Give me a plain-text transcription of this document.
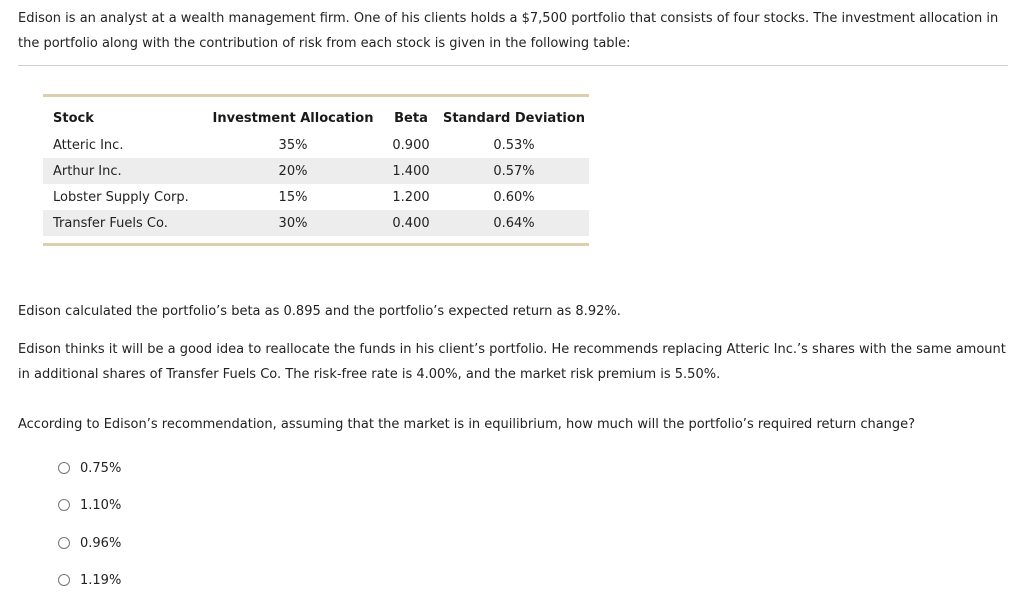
Edison is an analyst at a wealth management firm. One of his clients holds a $7,500 portfolio that consists of four stocks. The investment allocation in the portfolio along with the contribution of risk from each stock is given in the following table:

Stock	Investment Allocation	Beta	Standard Deviation
Atteric Inc.	35%	0.900	0.53%
Arthur Inc.	20%	1.400	0.57%
Lobster Supply Corp.	15%	1.200	0.60%
Transfer Fuels Co.	30%	0.400	0.64%

Edison calculated the portfolio’s beta as 0.895 and the portfolio’s expected return as 8.92%.

Edison thinks it will be a good idea to reallocate the funds in his client’s portfolio. He recommends replacing Atteric Inc.’s shares with the same amount in additional shares of Transfer Fuels Co. The risk-free rate is 4.00%, and the market risk premium is 5.50%.

According to Edison’s recommendation, assuming that the market is in equilibrium, how much will the portfolio’s required return change?

0.75%
1.10%
0.96%
1.19%
